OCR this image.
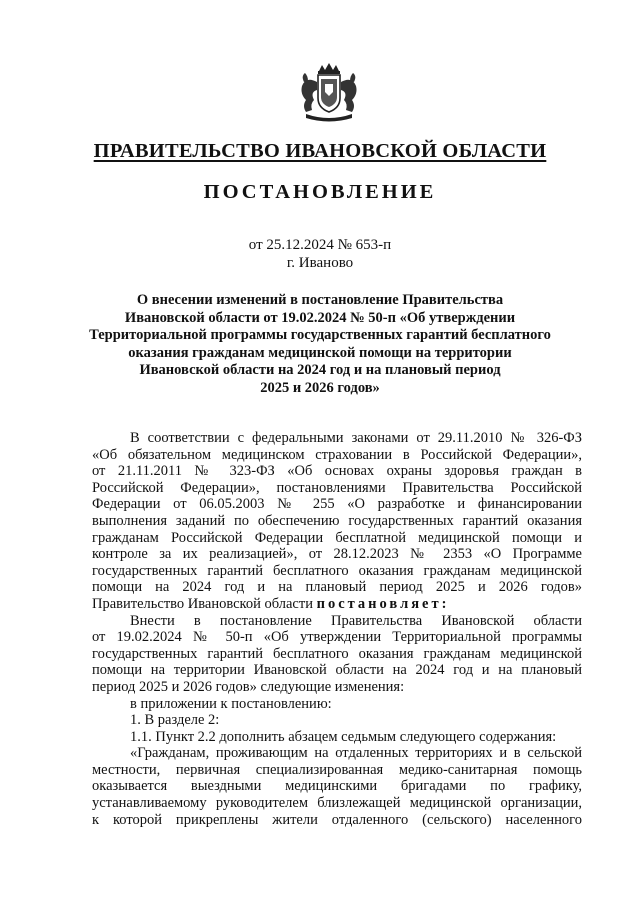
ПРАВИТЕЛЬСТВО ИВАНОВСКОЙ ОБЛАСТИ
ПОСТАНОВЛЕНИЕ
от 25.12.2024 № 653-п
г. Иваново
О внесении изменений в постановление Правительства
Ивановской области от 19.02.2024 № 50-п «Об утверждении
Территориальной программы государственных гарантий бесплатного
оказания гражданам медицинской помощи на территории
Ивановской области на 2024 год и на плановый период
2025 и 2026 годов»
В соответствии с федеральными законами от 29.11.2010 № 326-ФЗ
«Об обязательном медицинском страховании в Российской Федерации»,
от 21.11.2011 № 323-ФЗ «Об основах охраны здоровья граждан в
Российской Федерации», постановлениями Правительства Российской
Федерации от 06.05.2003 № 255 «О разработке и финансировании
выполнения заданий по обеспечению государственных гарантий оказания
гражданам Российской Федерации бесплатной медицинской помощи и
контроле за их реализацией», от 28.12.2023 № 2353 «О Программе
государственных гарантий бесплатного оказания гражданам медицинской
помощи на 2024 год и на плановый период 2025 и 2026 годов»
Правительство Ивановской области постановляет:
Внести в постановление Правительства Ивановской области
от 19.02.2024 № 50-п «Об утверждении Территориальной программы
государственных гарантий бесплатного оказания гражданам медицинской
помощи на территории Ивановской области на 2024 год и на плановый
период 2025 и 2026 годов» следующие изменения:
в приложении к постановлению:
1. В разделе 2:
1.1. Пункт 2.2 дополнить абзацем седьмым следующего содержания:
«Гражданам, проживающим на отдаленных территориях и в сельской
местности, первичная специализированная медико-санитарная помощь
оказывается выездными медицинскими бригадами по графику,
устанавливаемому руководителем близлежащей медицинской организации,
к которой прикреплены жители отдаленного (сельского) населенного
